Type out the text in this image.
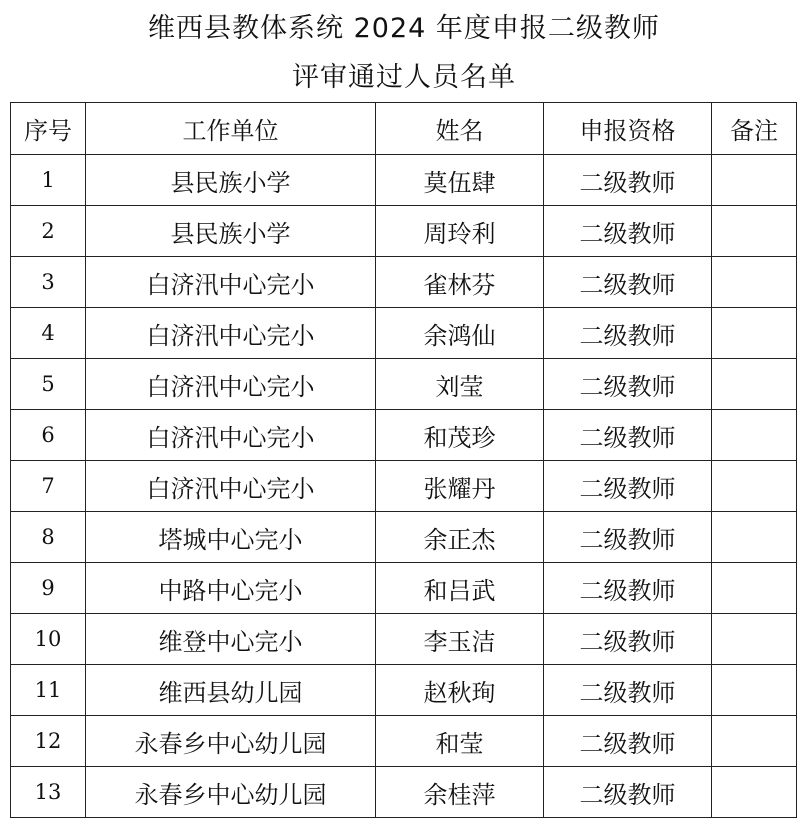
维西县教体系统 2024 年度申报二级教师
评审通过人员名单
序号	工作单位	姓名	申报资格	备注
1	县民族小学	莫伍肆	二级教师	
2	县民族小学	周玲利	二级教师	
3	白济汛中心完小	雀林芬	二级教师	
4	白济汛中心完小	余鸿仙	二级教师	
5	白济汛中心完小	刘莹	二级教师	
6	白济汛中心完小	和茂珍	二级教师	
7	白济汛中心完小	张耀丹	二级教师	
8	塔城中心完小	余正杰	二级教师	
9	中路中心完小	和吕武	二级教师	
10	维登中心完小	李玉洁	二级教师	
11	维西县幼儿园	赵秋珣	二级教师	
12	永春乡中心幼儿园	和莹	二级教师	
13	永春乡中心幼儿园	余桂萍	二级教师	
